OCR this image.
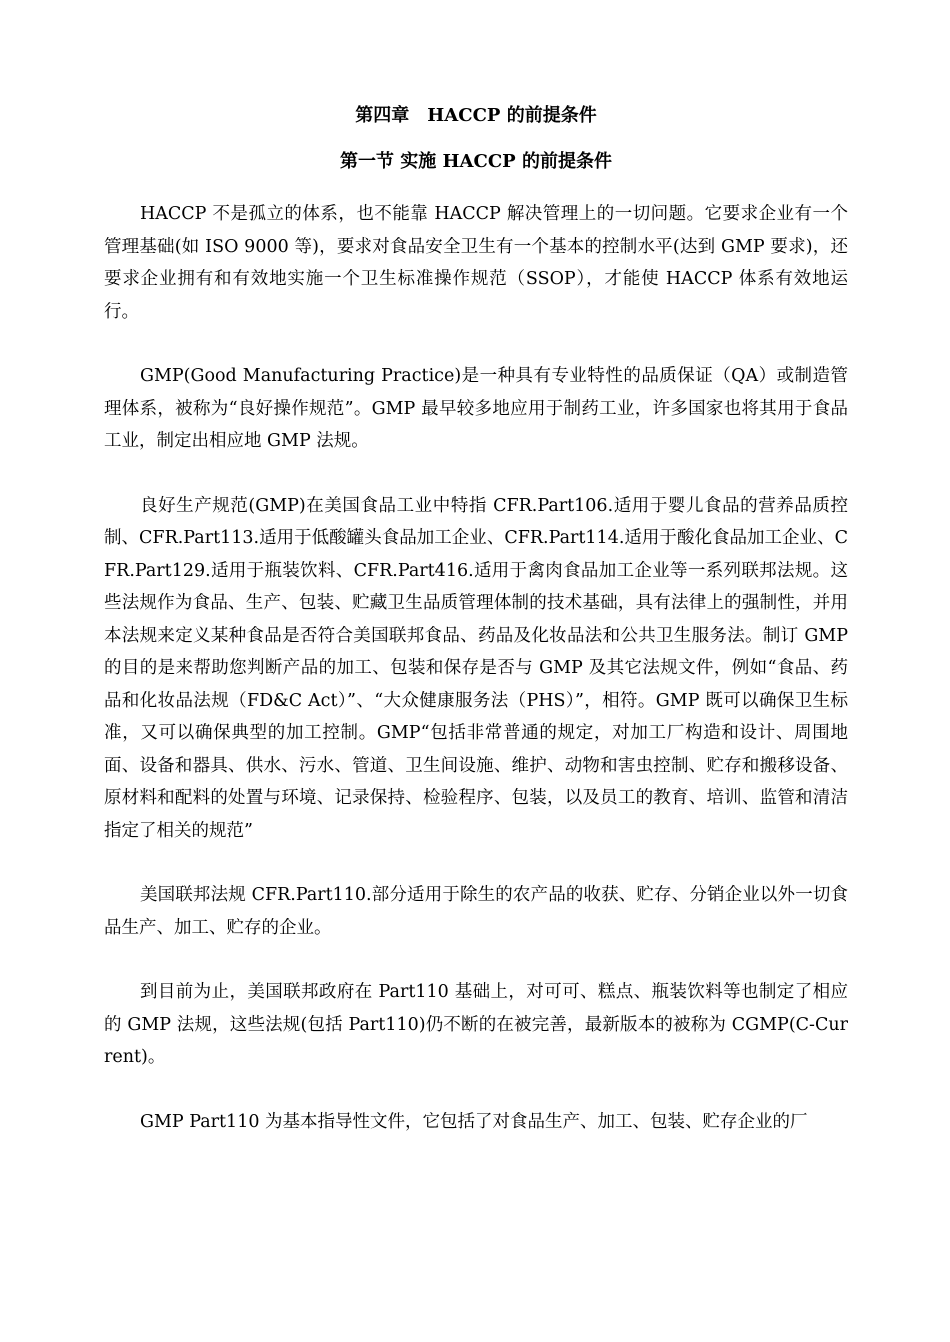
第四章　HACCP 的前提条件

第一节 实施 HACCP 的前提条件

HACCP 不是孤立的体系，也不能靠 HACCP 解决管理上的一切问题。它要求企业有一个管理基础(如 ISO 9000 等)，要求对食品安全卫生有一个基本的控制水平(达到 GMP 要求)，还要求企业拥有和有效地实施一个卫生标准操作规范（SSOP），才能使 HACCP 体系有效地运行。

GMP(Good Manufacturing Practice)是一种具有专业特性的品质保证（QA）或制造管理体系，被称为“良好操作规范”。GMP 最早较多地应用于制药工业，许多国家也将其用于食品工业，制定出相应地 GMP 法规。

良好生产规范(GMP)在美国食品工业中特指 CFR.Part106.适用于婴儿食品的营养品质控制、CFR.Part113.适用于低酸罐头食品加工企业、CFR.Part114.适用于酸化食品加工企业、CFR.Part129.适用于瓶装饮料、CFR.Part416.适用于禽肉食品加工企业等一系列联邦法规。这些法规作为食品、生产、包装、贮藏卫生品质管理体制的技术基础，具有法律上的强制性，并用本法规来定义某种食品是否符合美国联邦食品、药品及化妆品法和公共卫生服务法。制订 GMP 的目的是来帮助您判断产品的加工、包装和保存是否与 GMP 及其它法规文件，例如“食品、药品和化妆品法规（FD&C Act）”、“大众健康服务法（PHS）”，相符。GMP 既可以确保卫生标准，又可以确保典型的加工控制。GMP“包括非常普通的规定，对加工厂构造和设计、周围地面、设备和器具、供水、污水、管道、卫生间设施、维护、动物和害虫控制、贮存和搬移设备、原材料和配料的处置与环境、记录保持、检验程序、包装，以及员工的教育、培训、监管和清洁指定了相关的规范”

美国联邦法规 CFR.Part110.部分适用于除生的农产品的收获、贮存、分销企业以外一切食品生产、加工、贮存的企业。

到目前为止，美国联邦政府在 Part110 基础上，对可可、糕点、瓶装饮料等也制定了相应的 GMP 法规，这些法规(包括 Part110)仍不断的在被完善，最新版本的被称为 CGMP(C-Current)。

GMP Part110 为基本指导性文件，它包括了对食品生产、加工、包装、贮存企业的厂
